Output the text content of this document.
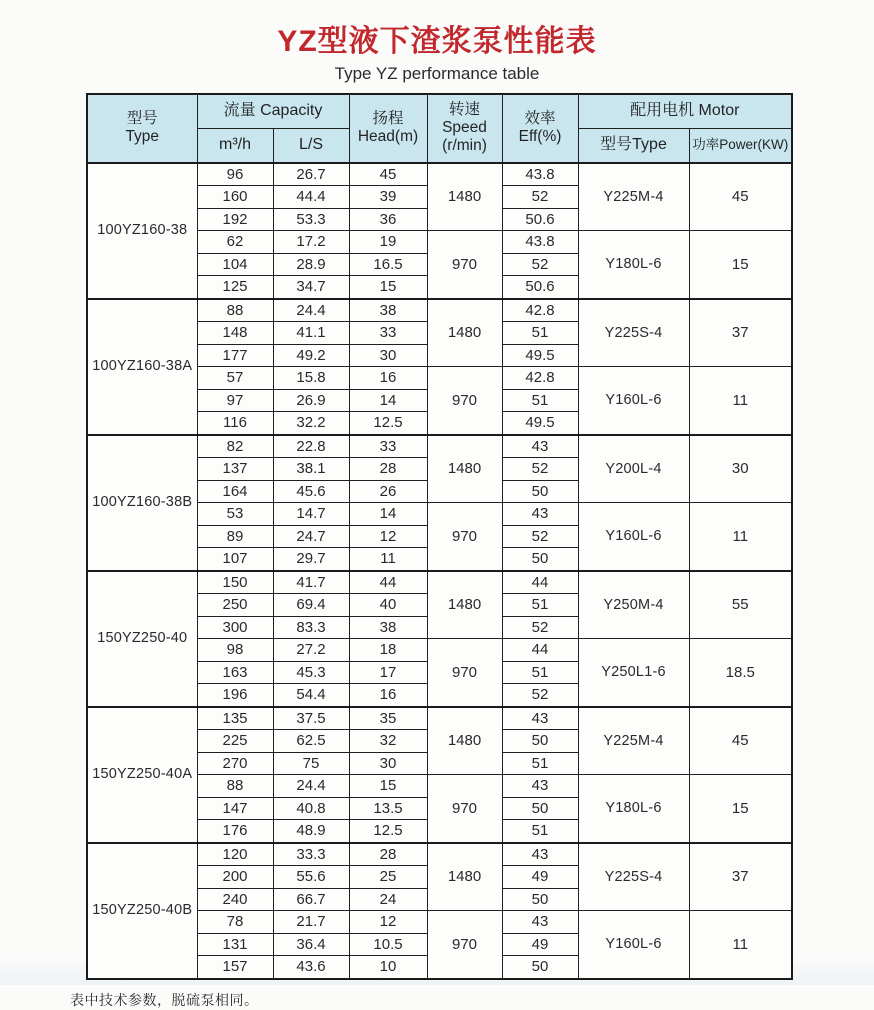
YZ型液下渣浆泵性能表
Type YZ performance table
型号
Type
	流量 Capacity	扬程
Head(m)

转速
Speed
(r/min)

效率
Eff(%)
	配用电机 Motor
	m³/h	L/S				型号Type	功率Power(KW)
100YZ160-38	96	26.7	45	1480	43.8	Y225M-4	45
	160	44.4	39		52		
	192	53.3	36		50.6		
	62	17.2	19	970	43.8	Y180L-6	15
	104	28.9	16.5		52		
	125	34.7	15		50.6		
100YZ160-38A	88	24.4	38	1480	42.8	Y225S-4	37
	148	41.1	33		51		
	177	49.2	30		49.5		
	57	15.8	16	970	42.8	Y160L-6	11
	97	26.9	14		51		
	116	32.2	12.5		49.5		
100YZ160-38B	82	22.8	33	1480	43	Y200L-4	30
	137	38.1	28		52		
	164	45.6	26		50		
	53	14.7	14	970	43	Y160L-6	11
	89	24.7	12		52		
	107	29.7	11		50		
150YZ250-40	150	41.7	44	1480	44	Y250M-4	55
	250	69.4	40		51		
	300	83.3	38		52		
	98	27.2	18	970	44	Y250L1-6	18.5
	163	45.3	17		51		
	196	54.4	16		52		
150YZ250-40A	135	37.5	35	1480	43	Y225M-4	45
	225	62.5	32		50		
	270	75	30		51		
	88	24.4	15	970	43	Y180L-6	15
	147	40.8	13.5		50		
	176	48.9	12.5		51		
150YZ250-40B	120	33.3	28	1480	43	Y225S-4	37
	200	55.6	25		49		
	240	66.7	24		50		
	78	21.7	12	970	43	Y160L-6	11
	131	36.4	10.5		49		
	157	43.6	10		50		
表中技术参数，脱硫泵相同。
